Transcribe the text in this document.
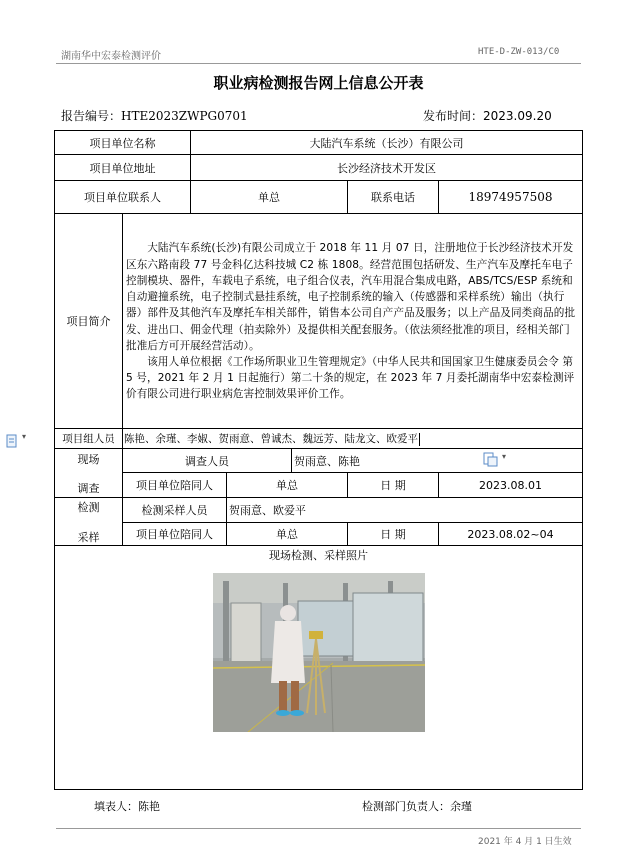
湖南华中宏泰检测评价	HTE-D-ZW-013/C0
职业病检测报告网上信息公开表
报告编号：HTE2023ZWPG0701	发布时间：2023.09.20
项目单位名称		大陆汽车系统（长沙）有限公司				
项目单位地址		长沙经济技术开发区				
项目单位联系人		单总			联系电话	18974957508
项目简介	大陆汽车系统(长沙)有限公司成立于 2018 年 11 月 07 日，注册地位于长沙经济技术开发区东六路南段 77 号金科亿达科技城 C2 栋 1808。经营范围包括研发、生产汽车及摩托车电子控制模块、器件，车载电子系统，电子组合仪表，汽车用混合集成电路，ABS/TCS/ESP 系统和自动避撞系统，电子控制式悬挂系统，电子控制系统的输入（传感器和采样系统）输出（执行器）部件及其他汽车及摩托车相关部件，销售本公司自产产品及服务；以上产品及同类商品的批发、进出口、佣金代理（拍卖除外）及提供相关配套服务。（依法须经批准的项目，经相关部门批准后方可开展经营活动）。

该用人单位根据《工作场所职业卫生管理规定》（中华人民共和国国家卫生健康委员会令 第 5 号，2021 年 2 月 1 日起施行）第二十条的规定，在 2023 年 7 月委托湖南华中宏泰检测评价有限公司进行职业病危害控制效果评价工作。					

项目组人员	陈艳、余瑾、李婌、贺雨意、曾诚杰、魏远芳、陆龙文、欧爱平					

现场
调查	调查人员			贺雨意、陈艳		
	项目单位陪同人		单总		日 期	2023.08.01

检测
采样	检测采样人员		贺雨意、欧爱平			
	项目单位陪同人		单总		日 期	2023.08.02~04

现场检测、采样照片						
填表人：陈艳	检测部门负责人：余瑾
2021 年 4 月 1 日生效
▾
▾
